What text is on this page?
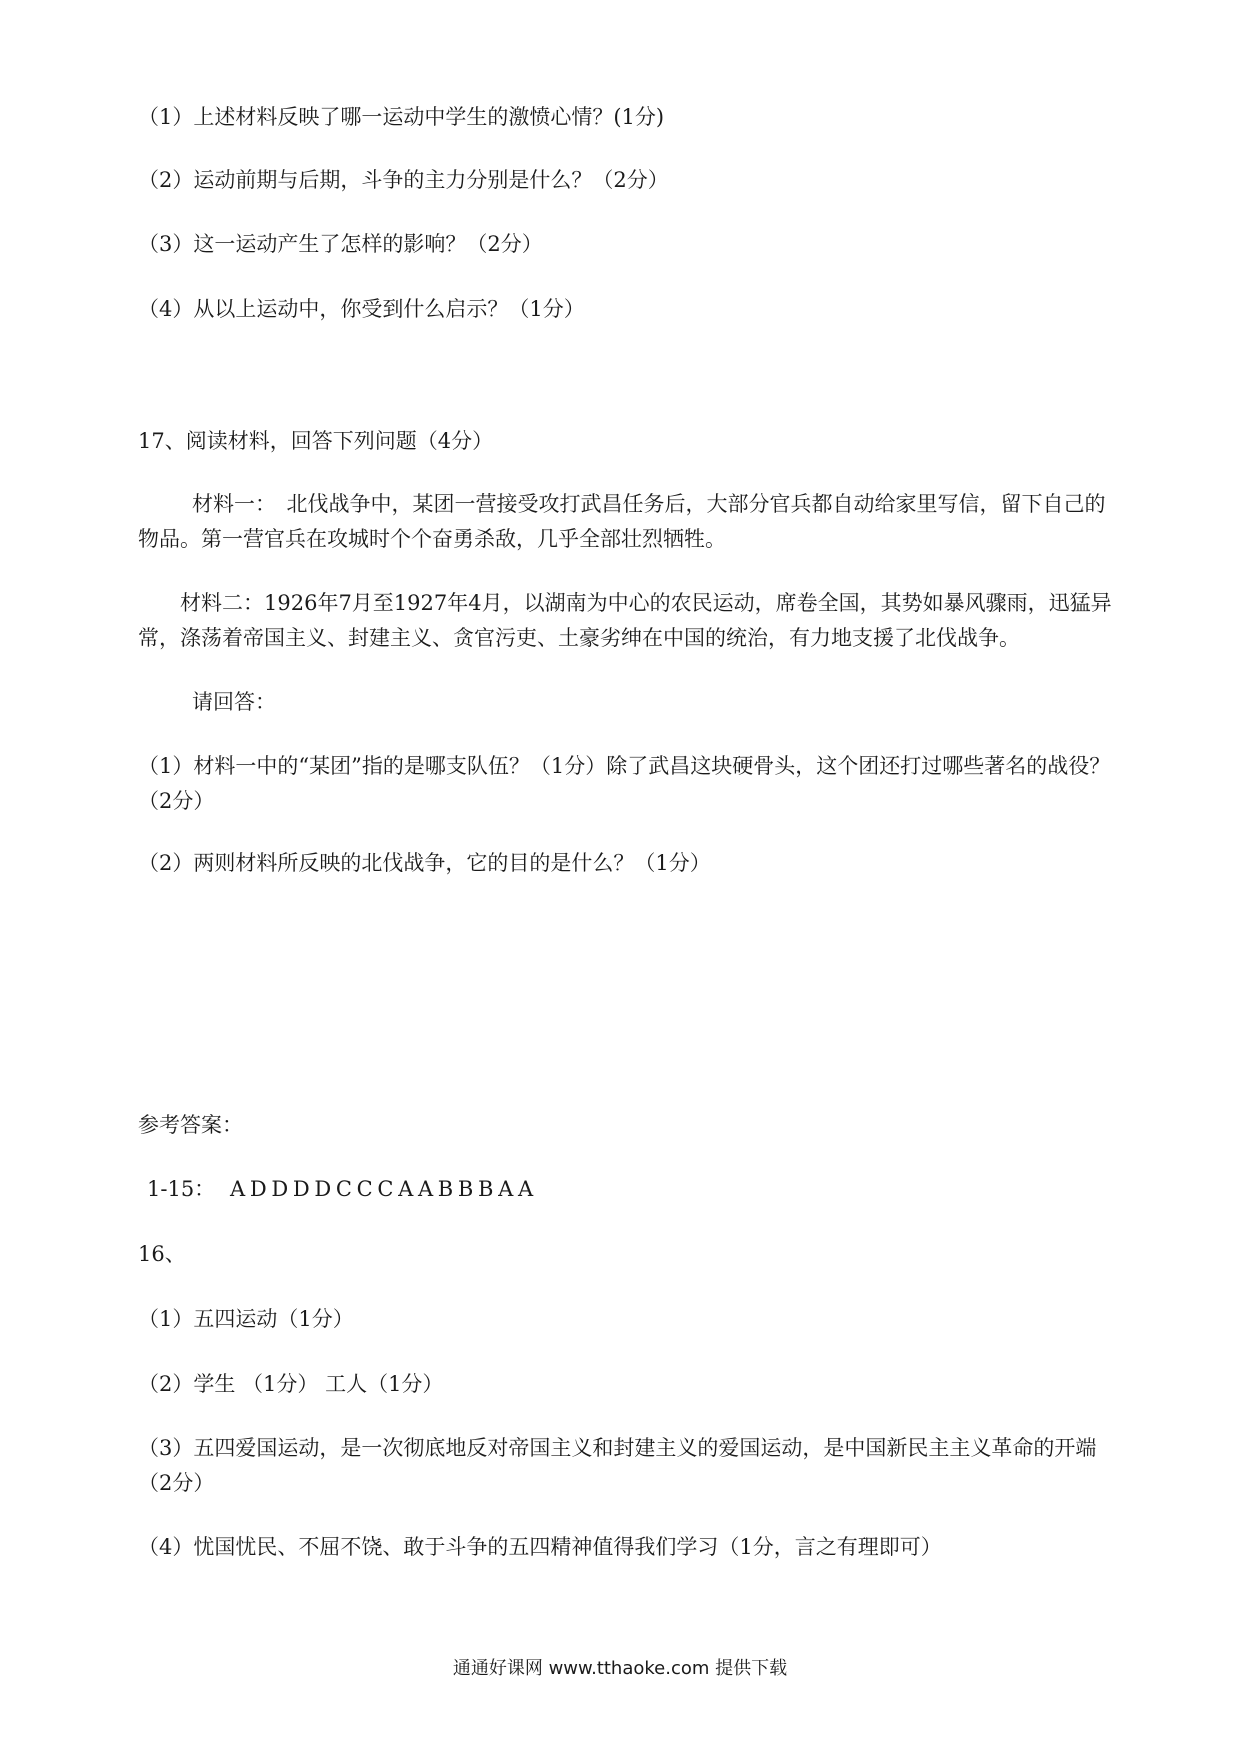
（1）上述材料反映了哪一运动中学生的激愤心情？(1分)
（2）运动前期与后期，斗争的主力分别是什么？（2分）
（3）这一运动产生了怎样的影响？（2分）
（4）从以上运动中，你受到什么启示？（1分）
17、阅读材料，回答下列问题（4分）
材料一：　北伐战争中，某团一营接受攻打武昌任务后，大部分官兵都自动给家里写信，留下自己的物品。第一营官兵在攻城时个个奋勇杀敌，几乎全部壮烈牺牲。
材料二：1926年7月至1927年4月，以湖南为中心的农民运动，席卷全国，其势如暴风骤雨，迅猛异常，涤荡着帝国主义、封建主义、贪官污吏、土豪劣绅在中国的统治，有力地支援了北伐战争。
请回答：
（1）材料一中的“某团”指的是哪支队伍？（1分）除了武昌这块硬骨头，这个团还打过哪些著名的战役？（2分）
（2）两则材料所反映的北伐战争，它的目的是什么？（1分）
参考答案：
1-15： A D D D D C C C A A B B B A A
16、
（1）五四运动（1分）
（2）学生 （1分） 工人（1分）
（3）五四爱国运动，是一次彻底地反对帝国主义和封建主义的爱国运动，是中国新民主主义革命的开端（2分）
（4）忧国忧民、不屈不饶、敢于斗争的五四精神值得我们学习（1分，言之有理即可）
通通好课网 www.tthaoke.com 提供下载
